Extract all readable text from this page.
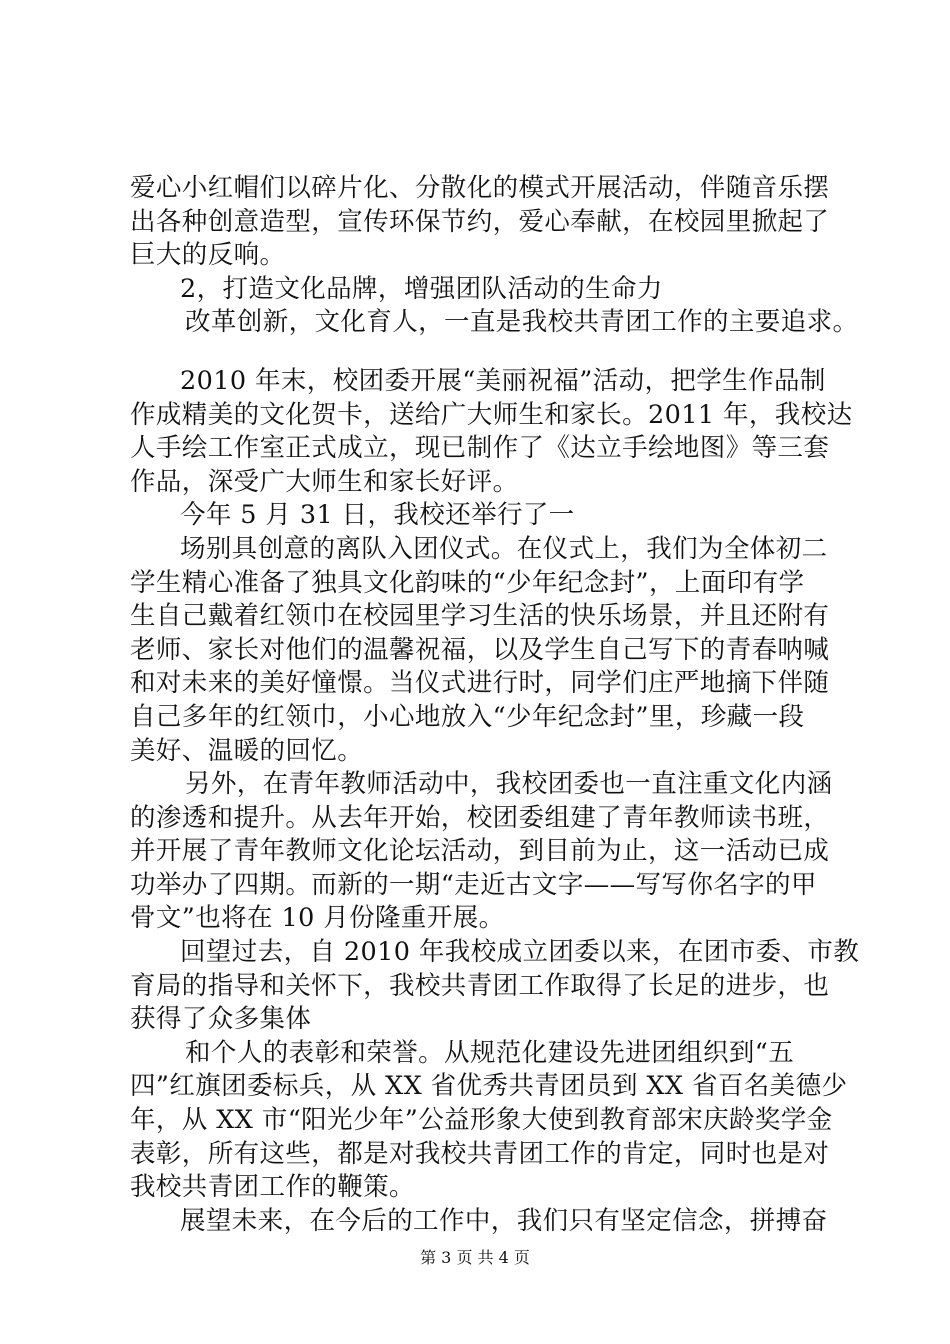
爱心小红帽们以碎片化、分散化的模式开展活动，伴随音乐摆
出各种创意造型，宣传环保节约，爱心奉献，在校园里掀起了
巨大的反响。
2，打造文化品牌，增强团队活动的生命力
改革创新，文化育人，一直是我校共青团工作的主要追求。
2010 年末，校团委开展“美丽祝福”活动，把学生作品制
作成精美的文化贺卡，送给广大师生和家长。2011 年，我校达
人手绘工作室正式成立，现已制作了《达立手绘地图》等三套
作品，深受广大师生和家长好评。
今年 5 月 31 日，我校还举行了一
场别具创意的离队入团仪式。在仪式上，我们为全体初二
学生精心准备了独具文化韵味的“少年纪念封”，上面印有学
生自己戴着红领巾在校园里学习生活的快乐场景，并且还附有
老师、家长对他们的温馨祝福，以及学生自己写下的青春呐喊
和对未来的美好憧憬。当仪式进行时，同学们庄严地摘下伴随
自己多年的红领巾，小心地放入“少年纪念封”里，珍藏一段
美好、温暖的回忆。
另外，在青年教师活动中，我校团委也一直注重文化内涵
的渗透和提升。从去年开始，校团委组建了青年教师读书班，
并开展了青年教师文化论坛活动，到目前为止，这一活动已成
功举办了四期。而新的一期“走近古文字——写写你名字的甲
骨文”也将在 10 月份隆重开展。
回望过去，自 2010 年我校成立团委以来，在团市委、市教
育局的指导和关怀下，我校共青团工作取得了长足的进步，也
获得了众多集体
和个人的表彰和荣誉。从规范化建设先进团组织到“五
四”红旗团委标兵，从 XX 省优秀共青团员到 XX 省百名美德少
年，从 XX 市“阳光少年”公益形象大使到教育部宋庆龄奖学金
表彰，所有这些，都是对我校共青团工作的肯定，同时也是对
我校共青团工作的鞭策。
展望未来，在今后的工作中，我们只有坚定信念，拼搏奋
第 3 页 共 4 页
